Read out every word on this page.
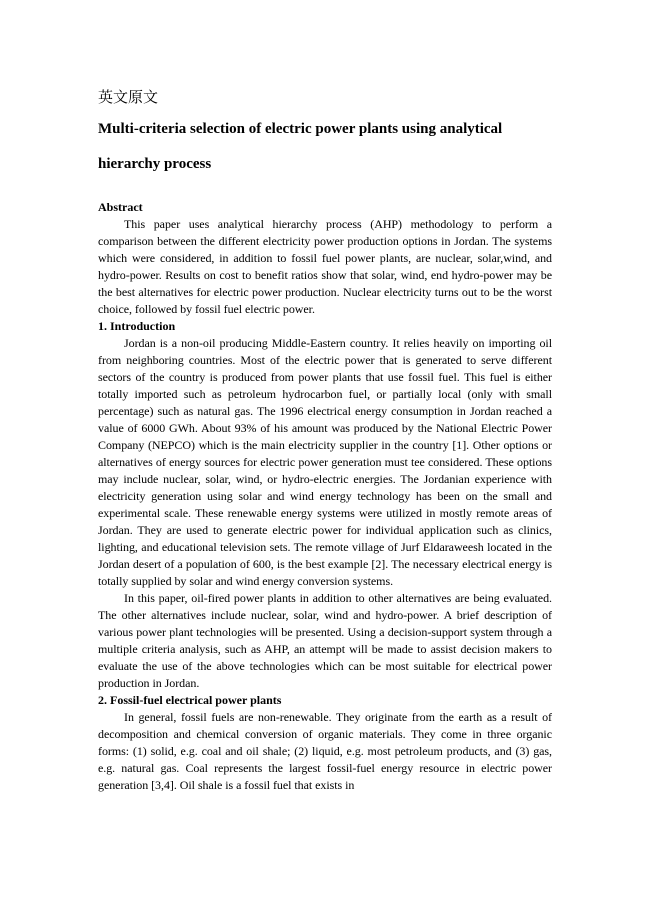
英文原文

Multi-criteria selection of electric power plants using analytical

hierarchy process

Abstract

This paper uses analytical hierarchy process (AHP) methodology to perform a comparison between the different electricity power production options in Jordan. The systems which were considered, in addition to fossil fuel power plants, are nuclear, solar,wind, and hydro-power. Results on cost to benefit ratios show that solar, wind, end hydro-power may be the best alternatives for electric power production. Nuclear electricity turns out to be the worst choice, followed by fossil fuel electric power.

1. Introduction

Jordan is a non-oil producing Middle-Eastern country. It relies heavily on importing oil from neighboring countries. Most of the electric power that is generated to serve different sectors of the country is produced from power plants that use fossil fuel. This fuel is either totally imported such as petroleum hydrocarbon fuel, or partially local (only with small percentage) such as natural gas. The 1996 electrical energy consumption in Jordan reached a value of 6000 GWh. About 93% of his amount was produced by the National Electric Power Company (NEPCO) which is the main electricity supplier in the country [1]. Other options or alternatives of energy sources for electric power generation must tee considered. These options may include nuclear, solar, wind, or hydro-electric energies. The Jordanian experience with electricity generation using solar and wind energy technology has been on the small and experimental scale. These renewable energy systems were utilized in mostly remote areas of Jordan. They are used to generate electric power for individual application such as clinics, lighting, and educational television sets. The remote village of Jurf Eldaraweesh located in the Jordan desert of a population of 600, is the best example [2]. The necessary electrical energy is totally supplied by solar and wind energy conversion systems.

In this paper, oil-fired power plants in addition to other alternatives are being evaluated. The other alternatives include nuclear, solar, wind and hydro-power. A brief description of various power plant technologies will be presented. Using a decision-support system through a multiple criteria analysis, such as AHP, an attempt will be made to assist decision makers to evaluate the use of the above technologies which can be most suitable for electrical power production in Jordan.

2. Fossil-fuel electrical power plants

In general, fossil fuels are non-renewable. They originate from the earth as a result of decomposition and chemical conversion of organic materials. They come in three organic forms: (1) solid, e.g. coal and oil shale; (2) liquid, e.g. most petroleum products, and (3) gas, e.g. natural gas. Coal represents the largest fossil-fuel energy resource in electric power generation [3,4]. Oil shale is a fossil fuel that exists in
